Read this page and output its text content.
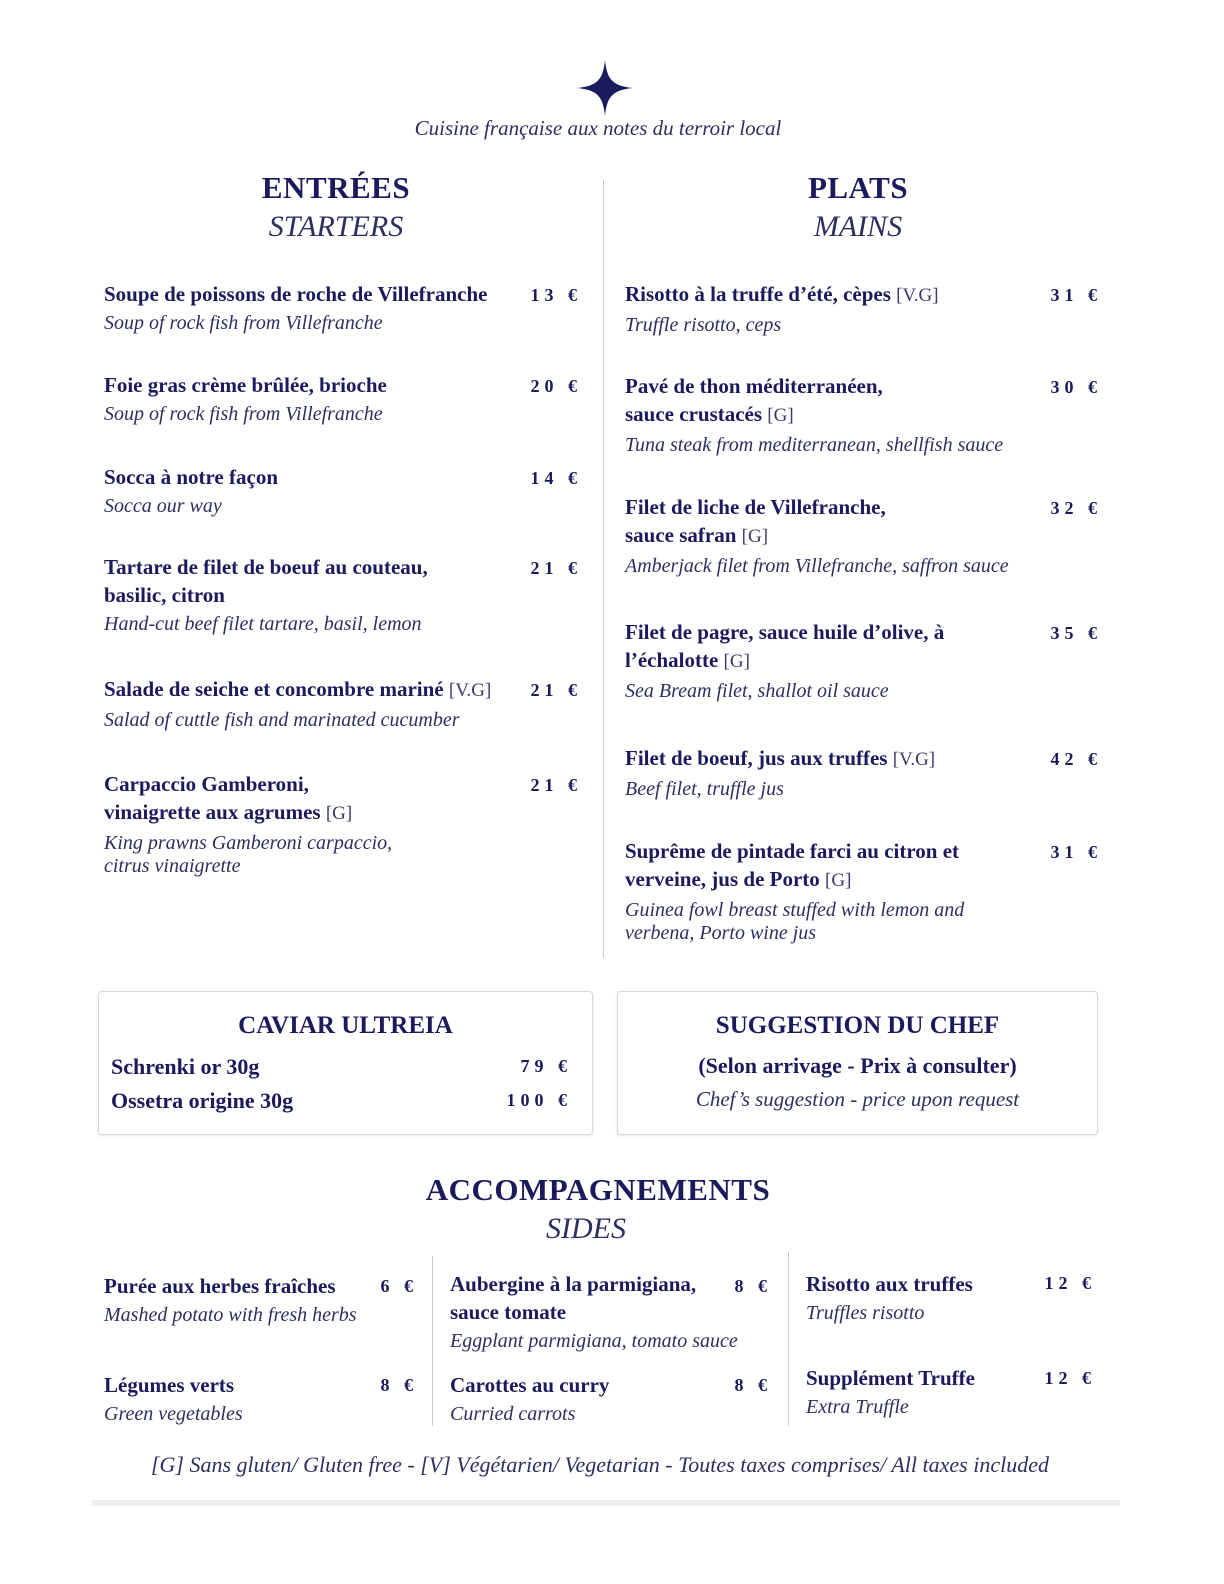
Cuisine française aux notes du terroir local
ENTRÉES
STARTERS
Soupe de poissons de roche de Villefranche
Soup of rock fish from Villefranche
13 €
Foie gras crème brûlée, brioche
Soup of rock fish from Villefranche
20 €
Socca à notre façon
Socca our way
14 €
Tartare de filet de boeuf au couteau, basilic, citron
Hand-cut beef filet tartare, basil, lemon
21 €
Salade de seiche et concombre mariné [V.G]
Salad of cuttle fish and marinated cucumber
21 €
Carpaccio Gamberoni, vinaigrette aux agrumes [G]
King prawns Gamberoni carpaccio, citrus vinaigrette
21 €
PLATS
MAINS
Risotto à la truffe d’été, cèpes [V.G]
Truffle risotto, ceps
31 €
Pavé de thon méditerranéen, sauce crustacés [G]
Tuna steak from mediterranean, shellfish sauce
30 €
Filet de liche de Villefranche, sauce safran [G]
Amberjack filet from Villefranche, saffron sauce
32 €
Filet de pagre, sauce huile d’olive, à l’échalotte [G]
Sea Bream filet, shallot oil sauce
35 €
Filet de boeuf, jus aux truffes [V.G]
Beef filet, truffle jus
42 €
Suprême de pintade farci au citron et verveine, jus de Porto [G]
Guinea fowl breast stuffed with lemon and verbena, Porto wine jus
31 €
CAVIAR ULTREIA
Schrenki or 30g	79 €
Ossetra origine 30g	100 €
SUGGESTION DU CHEF
(Selon arrivage - Prix à consulter)
Chef’s suggestion - price upon request
ACCOMPAGNEMENTS
SIDES
Purée aux herbes fraîches
Mashed potato with fresh herbs
6 €
Légumes verts
Green vegetables
8 €
Aubergine à la parmigiana, sauce tomate
Eggplant parmigiana, tomato sauce
8 €
Carottes au curry
Curried carrots
8 €
Risotto aux truffes
Truffles risotto
12 €
Supplément Truffe
Extra Truffle
12 €
[G] Sans gluten/ Gluten free - [V] Végétarien/ Vegetarian - Toutes taxes comprises/ All taxes included
